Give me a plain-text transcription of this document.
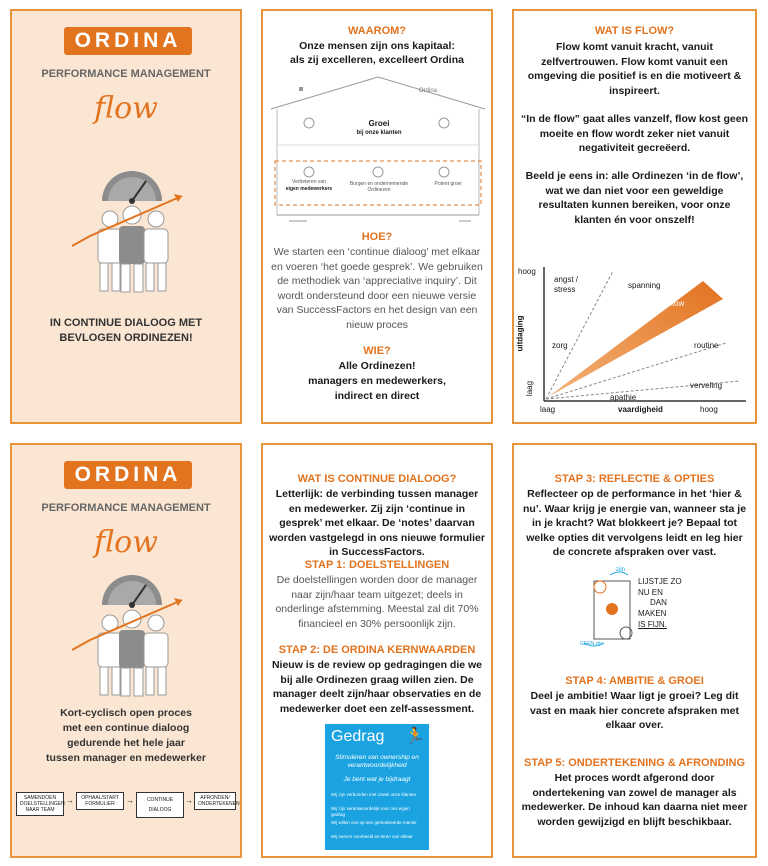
ORDINA
PERFORMANCE MANAGEMENT
flow
IN CONTINUE DIALOOG MET BEVLOGEN ORDINEZEN!
WAAROM?
Onze mensen zijn ons kapitaal:
als zij excelleren, excelleert Ordina
Ordina
Groei
bij onze klanten
Verbeteren van
eigen medewerkers
Borgen en ondernemende Ordinezen
Potent groei
HOE?
We starten een ‘continue dialoog’ met elkaar en voeren ‘het goede gesprek’. We gebruiken de methodiek van ‘appreciative inquiry’. Dit wordt ondersteund door een nieuwe versie van SuccessFactors en het design van een nieuw proces
WIE?
Alle Ordinezen!
managers en medewerkers,
indirect en direct
WAT IS FLOW?
Flow komt vanuit kracht, vanuit zelfvertrouwen. Flow komt vanuit een omgeving die positief is en die motiveert & inspireert.
“In de flow” gaat alles vanzelf, flow kost geen moeite en flow wordt zeker niet vanuit negativiteit gecreëerd.
Beeld je eens in: alle Ordinezen ‘in de flow’, wat we dan niet voor een geweldige resultaten kunnen bereiken, voor onze klanten én voor onszelf!
hoog
uitdaging
laag
laag	vaardigheid	hoog
angst / stress	spanning
flow
zorg	routine
verveling
apathie
ORDINA
PERFORMANCE MANAGEMENT
flow
Kort-cyclisch open proces
met een continue dialoog
gedurende het hele jaar
tussen manager en medewerker
SAMENDOEN DOELSTELLINGEN NAAR TEAM
→	OPHAAL/START FORMULIER	→	CONTINUE DIALOOG
→	AFRONDEN/ ONDERTEKENEN
WAT IS CONTINUE DIALOOG?
Letterlijk: de verbinding tussen manager en medewerker. Zij zijn ‘continue in gesprek’ met elkaar. De ‘notes’ daarvan worden vastgelegd in ons nieuwe formulier in SuccessFactors.
STAP 1: DOELSTELLINGEN
De doelstellingen worden door de manager naar zijn/haar team uitgezet; deels in onderlinge afstemming. Meestal zal dit 70% financieel en 30% persoonlijk zijn.
STAP 2: DE ORDINA KERNWAARDEN
Nieuw is de review op gedragingen die we bij alle Ordinezen graag willen zien. De manager deelt zijn/haar observaties en de medewerker doet een zelf-assessment.
Gedrag 🏃
Stimuleren van ownership en verantwoordelijkheid
Je bent wat je bijdraagt
Wij zijn verbonden met zowel onze klanten
Wij zijn verantwoordelijk voor ons eigen gedrag
Wij willen ons op een gemotiveerde manier
Wij nemen voorbeeld en leren van elkaar
STAP 3: REFLECTIE & OPTIES
Reflecteer op de performance in het ‘hier & nu’. Waar krijg je energie van, wanneer sta je in je kracht? Wat blokkeert je? Bepaal tot welke opties dit vervolgens leidt en leg hier de concrete afspraken over vast.
zijn
LIJSTJE ZO
NU EN
DAN
MAKEN
IS FIJN.
GEEN zijn
STAP 4: AMBITIE & GROEI
Deel je ambitie! Waar ligt je groei? Leg dit vast en maak hier concrete afspraken met elkaar over.
STAP 5: ONDERTEKENING & AFRONDING
Het proces wordt afgerond door ondertekening van zowel de manager als medewerker. De inhoud kan daarna niet meer worden gewijzigd en blijft beschikbaar.
